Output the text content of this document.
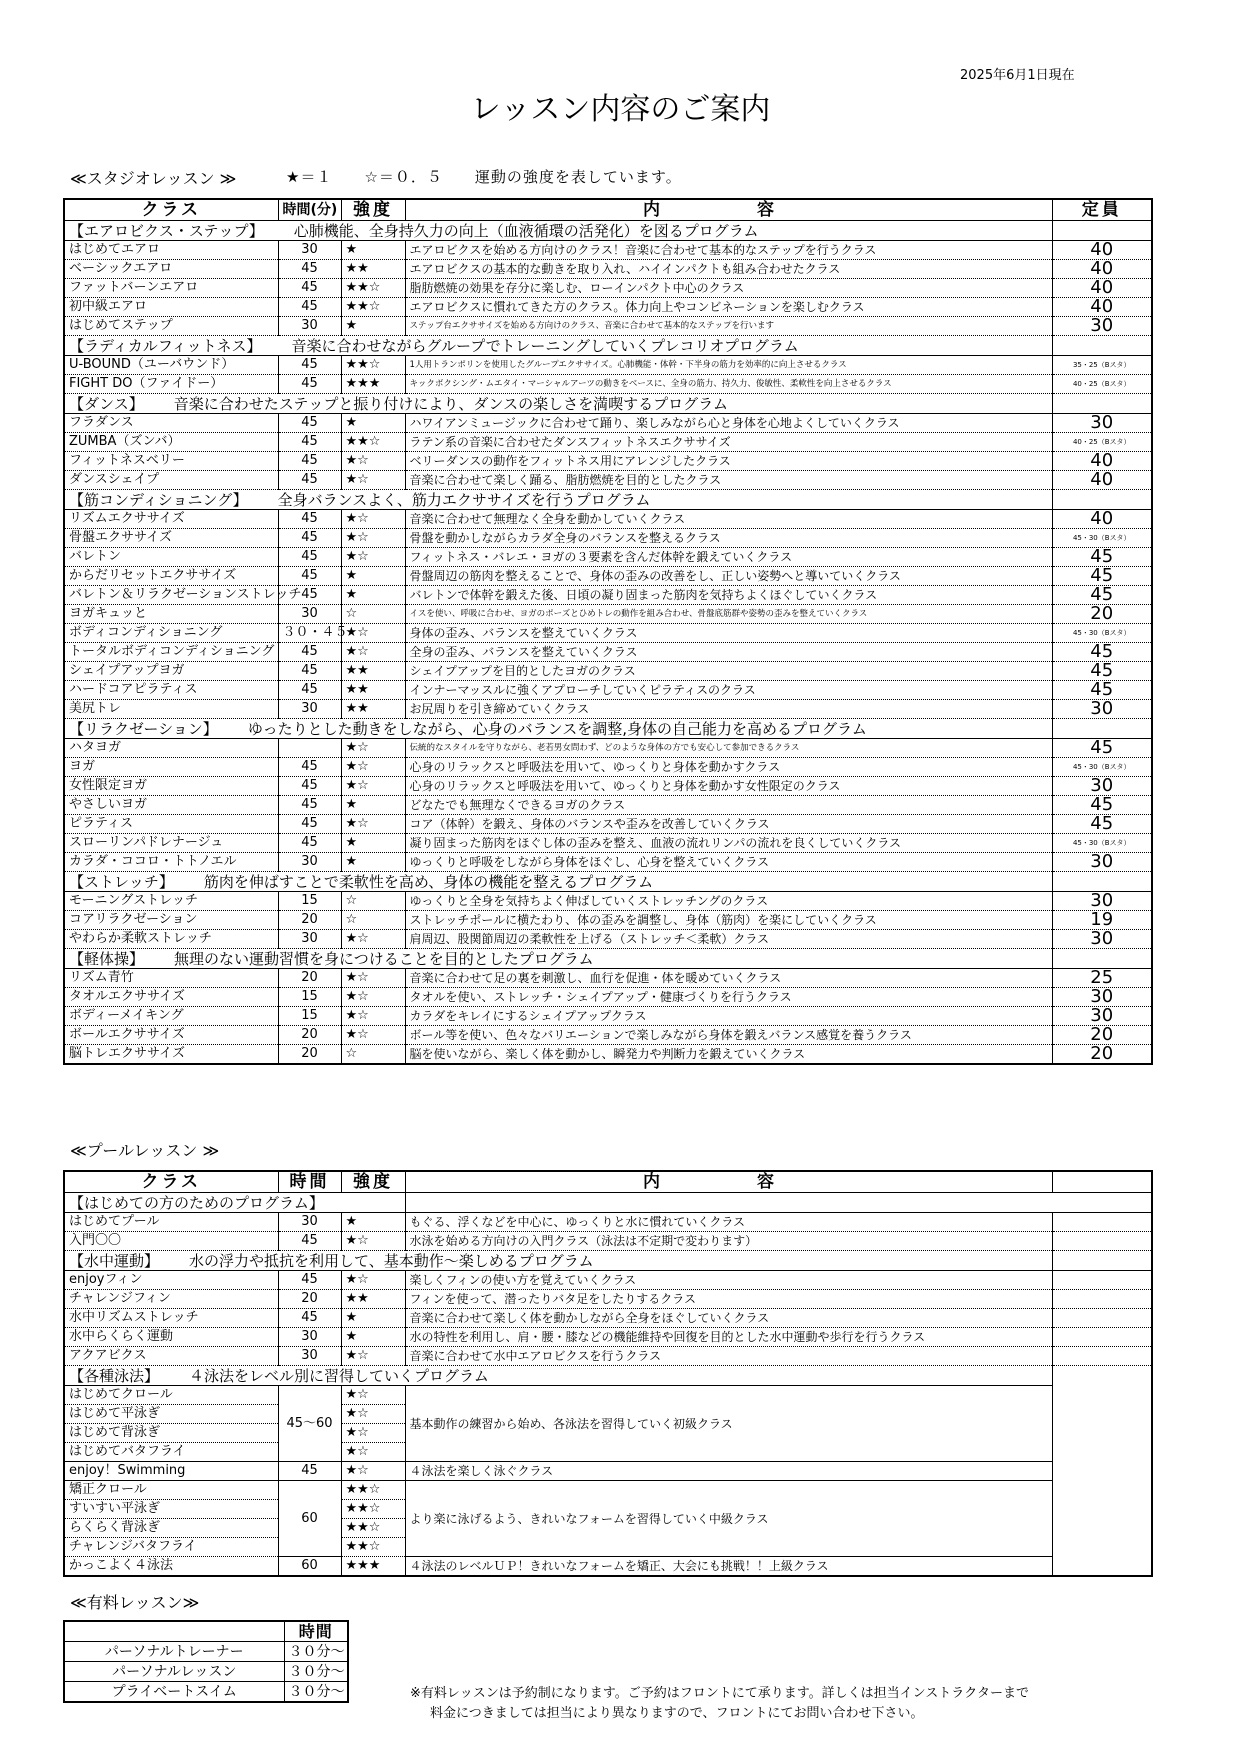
2025年6月1日現在
レッスン内容のご案内
≪スタジオレッスン ≫	★＝１　　☆＝０．５　　運動の強度を表しています。
クラス	時間(分)	強度	内　容	定員
【エアロビクス・ステップ】 心肺機能、全身持久力の向上（血液循環の活発化）を図るプログラム				
はじめてエアロ	30	★	エアロビクスを始める方向けのクラス！音楽に合わせて基本的なステップを行うクラス	40
ベーシックエアロ	45	★★	エアロビクスの基本的な動きを取り入れ、ハイインパクトも組み合わせたクラス	40
ファットバーンエアロ	45	★★☆	脂肪燃焼の効果を存分に楽しむ、ローインパクト中心のクラス	40
初中級エアロ	45	★★☆	エアロビクスに慣れてきた方のクラス。体力向上やコンビネーションを楽しむクラス	40
はじめてステップ	30	★	ステップ台エクササイズを始める方向けのクラス、音楽に合わせて基本的なステップを行います	30
【ラディカルフィットネス】 音楽に合わせながらグループでトレーニングしていくプレコリオプログラム				
U-BOUND（ユーバウンド）	45	★★☆	1人用トランポリンを使用したグループエクササイズ。心肺機能・体幹・下半身の筋力を効率的に向上させるクラス	35・25（Bスタ）
FIGHT DO（ファイドー）	45	★★★	キックボクシング・ムエタイ・マーシャルアーツの動きをベースに、全身の筋力、持久力、俊敏性、柔軟性を向上させるクラス	40・25（Bスタ）
【ダンス】 音楽に合わせたステップと振り付けにより、ダンスの楽しさを満喫するプログラム				
フラダンス	45	★	ハワイアンミュージックに合わせて踊り、楽しみながら心と身体を心地よくしていくクラス	30
ZUMBA（ズンバ）	45	★★☆	ラテン系の音楽に合わせたダンスフィットネスエクササイズ	40・25（Bスタ）
フィットネスベリー	45	★☆	ベリーダンスの動作をフィットネス用にアレンジしたクラス	40
ダンスシェイプ	45	★☆	音楽に合わせて楽しく踊る、脂肪燃焼を目的としたクラス	40
【筋コンディショニング】 全身バランスよく、筋力エクササイズを行うプログラム				
リズムエクササイズ	45	★☆	音楽に合わせて無理なく全身を動かしていくクラス	40
骨盤エクササイズ	45	★☆	骨盤を動かしながらカラダ全身のバランスを整えるクラス	45・30（Bスタ）
バレトン	45	★☆	フィットネス・バレエ・ヨガの３要素を含んだ体幹を鍛えていくクラス	45
からだリセットエクササイズ	45	★	骨盤周辺の筋肉を整えることで、身体の歪みの改善をし、正しい姿勢へと導いていくクラス	45
バレトン＆リラクゼーションストレッチ	45	★	バレトンで体幹を鍛えた後、日頃の凝り固まった筋肉を気持ちよくほぐしていくクラス	45
ヨガキュッと	30	☆	イスを使い、呼吸に合わせ、ヨガのポーズとひめトレの動作を組み合わせ、骨盤底筋群や姿勢の歪みを整えていくクラス	20
ボディコンディショニング	３０・４５	★☆	身体の歪み、バランスを整えていくクラス	45・30（Bスタ）
トータルボディコンディショニング	45	★☆	全身の歪み、バランスを整えていくクラス	45
シェイプアップヨガ	45	★★	シェイプアップを目的としたヨガのクラス	45
ハードコアピラティス	45	★★	インナーマッスルに強くアプローチしていくピラティスのクラス	45
美尻トレ	30	★★	お尻周りを引き締めていくクラス	30
【リラクゼーション】 ゆったりとした動きをしながら、心身のバランスを調整,身体の自己能力を高めるプログラム				
ハタヨガ		★☆	伝統的なスタイルを守りながら、老若男女問わず、どのような身体の方でも安心して参加できるクラス	45
ヨガ	45	★☆	心身のリラックスと呼吸法を用いて、ゆっくりと身体を動かすクラス	45・30（Bスタ）
女性限定ヨガ	45	★☆	心身のリラックスと呼吸法を用いて、ゆっくりと身体を動かす女性限定のクラス	30
やさしいヨガ	45	★	どなたでも無理なくできるヨガのクラス	45
ピラティス	45	★☆	コア（体幹）を鍛え、身体のバランスや歪みを改善していくクラス	45
スローリンパドレナージュ	45	★	凝り固まった筋肉をほぐし体の歪みを整え、血液の流れリンパの流れを良くしていくクラス	45・30（Bスタ）
カラダ・ココロ・トトノエル	30	★	ゆっくりと呼吸をしながら身体をほぐし、心身を整えていくクラス	30
【ストレッチ】 筋肉を伸ばすことで柔軟性を高め、身体の機能を整えるプログラム				
モーニングストレッチ	15	☆	ゆっくりと全身を気持ちよく伸ばしていくストレッチングのクラス	30
コアリラクゼーション	20	☆	ストレッチポールに横たわり、体の歪みを調整し、身体（筋肉）を楽にしていくクラス	19
やわらか柔軟ストレッチ	30	★☆	肩周辺、股関節周辺の柔軟性を上げる（ストレッチ＜柔軟）クラス	30
【軽体操】 無理のない運動習慣を身につけることを目的としたプログラム				
リズム青竹	20	★☆	音楽に合わせて足の裏を刺激し、血行を促進・体を暖めていくクラス	25
タオルエクササイズ	15	★☆	タオルを使い、ストレッチ・シェイプアップ・健康づくりを行うクラス	30
ボディーメイキング	15	★☆	カラダをキレイにするシェイプアップクラス	30
ボールエクササイズ	20	★☆	ボール等を使い、色々なバリエーションで楽しみながら身体を鍛えバランス感覚を養うクラス	20
脳トレエクササイズ	20	☆	脳を使いながら、楽しく体を動かし、瞬発力や判断力を鍛えていくクラス	20
≪プールレッスン ≫
クラス	時間	強度	内　容	
【はじめての方のためのプログラム】				
はじめてプール	30	★	もぐる、浮くなどを中心に、ゆっくりと水に慣れていくクラス	
入門〇〇	45	★☆	水泳を始める方向けの入門クラス（泳法は不定期で変わります）	
【水中運動】 水の浮力や抵抗を利用して、基本動作～楽しめるプログラム				
enjoyフィン	45	★☆	楽しくフィンの使い方を覚えていくクラス	
チャレンジフィン	20	★★	フィンを使って、潜ったりバタ足をしたりするクラス	
水中リズムストレッチ	45	★	音楽に合わせて楽しく体を動かしながら全身をほぐしていくクラス	
水中らくらく運動	30	★	水の特性を利用し、肩・腰・膝などの機能維持や回復を目的とした水中運動や歩行を行うクラス	
アクアビクス	30	★☆	音楽に合わせて水中エアロビクスを行うクラス	
【各種泳法】 ４泳法をレベル別に習得していくプログラム				
はじめてクロール	45～60	★☆	基本動作の練習から始め、各泳法を習得していく初級クラス	
はじめて平泳ぎ		★☆		
はじめて背泳ぎ		★☆		
はじめてバタフライ		★☆		
enjoy！Swimming	45	★☆	４泳法を楽しく泳ぐクラス	
矯正クロール	60	★★☆	より楽に泳げるよう、きれいなフォームを習得していく中級クラス	
すいすい平泳ぎ		★★☆		
らくらく背泳ぎ		★★☆		
チャレンジバタフライ		★★☆		
かっこよく４泳法	60	★★★	４泳法のレベルＵＰ！きれいなフォームを矯正、大会にも挑戦！！上級クラス	
≪有料レッスン≫
	時間
パーソナルトレーナー	３０分～
パーソナルレッスン	３０分～
プライベートスイム	３０分～	※有料レッスンは予約制になります。ご予約はフロントにて承ります。詳しくは担当インストラクターまで
料金につきましては担当により異なりますので、フロントにてお問い合わせ下さい。
